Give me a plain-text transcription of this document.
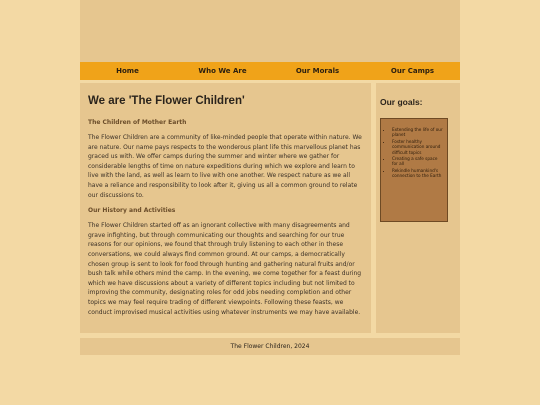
Home	Who We Are	Our Morals	Our Camps
We are 'The Flower Children'
The Children of Mother Earth

The Flower Children are a community of like-minded people that operate within nature. We are nature. Our name pays respects to the wonderous plant life this marvellous planet has graced us with. We offer camps during the summer and winter where we gather for considerable lengths of time on nature expeditions during which we explore and learn to live with the land, as well as learn to live with one another. We respect nature as we all have a reliance and responsibility to look after it, giving us all a common ground to relate our discussions to.

Our History and Activities

The Flower Children started off as an ignorant collective with many disagreements and grave infighting, but through communicating our thoughts and searching for our true reasons for our opinions, we found that through truly listening to each other in these conversations, we could always find common ground. At our camps, a democratically chosen group is sent to look for food through hunting and gathering natural fruits and/or bush talk while others mind the camp. In the evening, we come together for a feast during which we have discussions about a variety of different topics including but not limited to improving the community, designating roles for odd jobs needing completion and other topics we may feel require trading of different viewpoints. Following these feasts, we conduct improvised musical activities using whatever instruments we may have available.

Our goals:
• Extending the life of our planet
• Foster healthy communication around difficult topics
• Creating a safe space for all
• Rekindle humankind's connection to the Earth
The Flower Children, 2024
